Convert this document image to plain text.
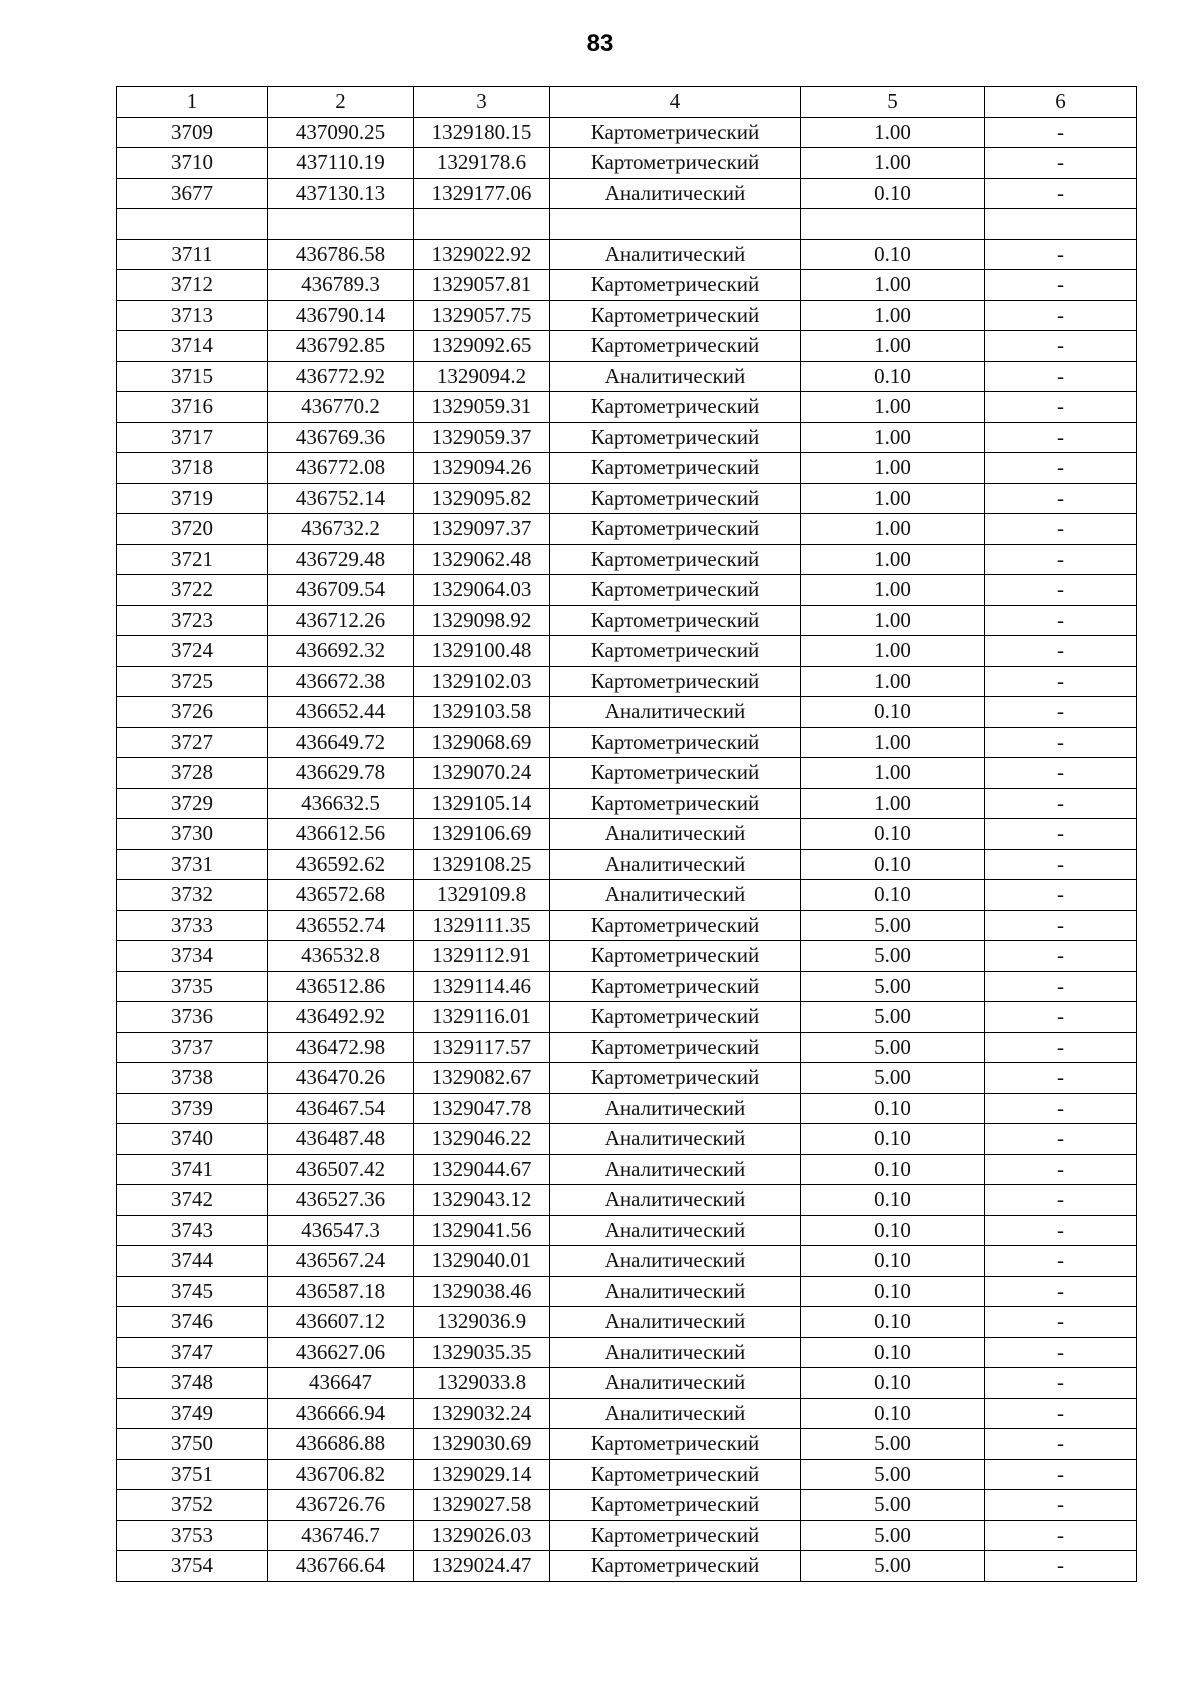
83
1	2	3	4	5	6
3709	437090.25	1329180.15	Картометрический	1.00	-
3710	437110.19	1329178.6	Картометрический	1.00	-
3677	437130.13	1329177.06	Аналитический	0.10	-

3711	436786.58	1329022.92	Аналитический	0.10	-
3712	436789.3	1329057.81	Картометрический	1.00	-
3713	436790.14	1329057.75	Картометрический	1.00	-
3714	436792.85	1329092.65	Картометрический	1.00	-
3715	436772.92	1329094.2	Аналитический	0.10	-
3716	436770.2	1329059.31	Картометрический	1.00	-
3717	436769.36	1329059.37	Картометрический	1.00	-
3718	436772.08	1329094.26	Картометрический	1.00	-
3719	436752.14	1329095.82	Картометрический	1.00	-
3720	436732.2	1329097.37	Картометрический	1.00	-
3721	436729.48	1329062.48	Картометрический	1.00	-
3722	436709.54	1329064.03	Картометрический	1.00	-
3723	436712.26	1329098.92	Картометрический	1.00	-
3724	436692.32	1329100.48	Картометрический	1.00	-
3725	436672.38	1329102.03	Картометрический	1.00	-
3726	436652.44	1329103.58	Аналитический	0.10	-
3727	436649.72	1329068.69	Картометрический	1.00	-
3728	436629.78	1329070.24	Картометрический	1.00	-
3729	436632.5	1329105.14	Картометрический	1.00	-
3730	436612.56	1329106.69	Аналитический	0.10	-
3731	436592.62	1329108.25	Аналитический	0.10	-
3732	436572.68	1329109.8	Аналитический	0.10	-
3733	436552.74	1329111.35	Картометрический	5.00	-
3734	436532.8	1329112.91	Картометрический	5.00	-
3735	436512.86	1329114.46	Картометрический	5.00	-
3736	436492.92	1329116.01	Картометрический	5.00	-
3737	436472.98	1329117.57	Картометрический	5.00	-
3738	436470.26	1329082.67	Картометрический	5.00	-
3739	436467.54	1329047.78	Аналитический	0.10	-
3740	436487.48	1329046.22	Аналитический	0.10	-
3741	436507.42	1329044.67	Аналитический	0.10	-
3742	436527.36	1329043.12	Аналитический	0.10	-
3743	436547.3	1329041.56	Аналитический	0.10	-
3744	436567.24	1329040.01	Аналитический	0.10	-
3745	436587.18	1329038.46	Аналитический	0.10	-
3746	436607.12	1329036.9	Аналитический	0.10	-
3747	436627.06	1329035.35	Аналитический	0.10	-
3748	436647	1329033.8	Аналитический	0.10	-
3749	436666.94	1329032.24	Аналитический	0.10	-
3750	436686.88	1329030.69	Картометрический	5.00	-
3751	436706.82	1329029.14	Картометрический	5.00	-
3752	436726.76	1329027.58	Картометрический	5.00	-
3753	436746.7	1329026.03	Картометрический	5.00	-
3754	436766.64	1329024.47	Картометрический	5.00	-
